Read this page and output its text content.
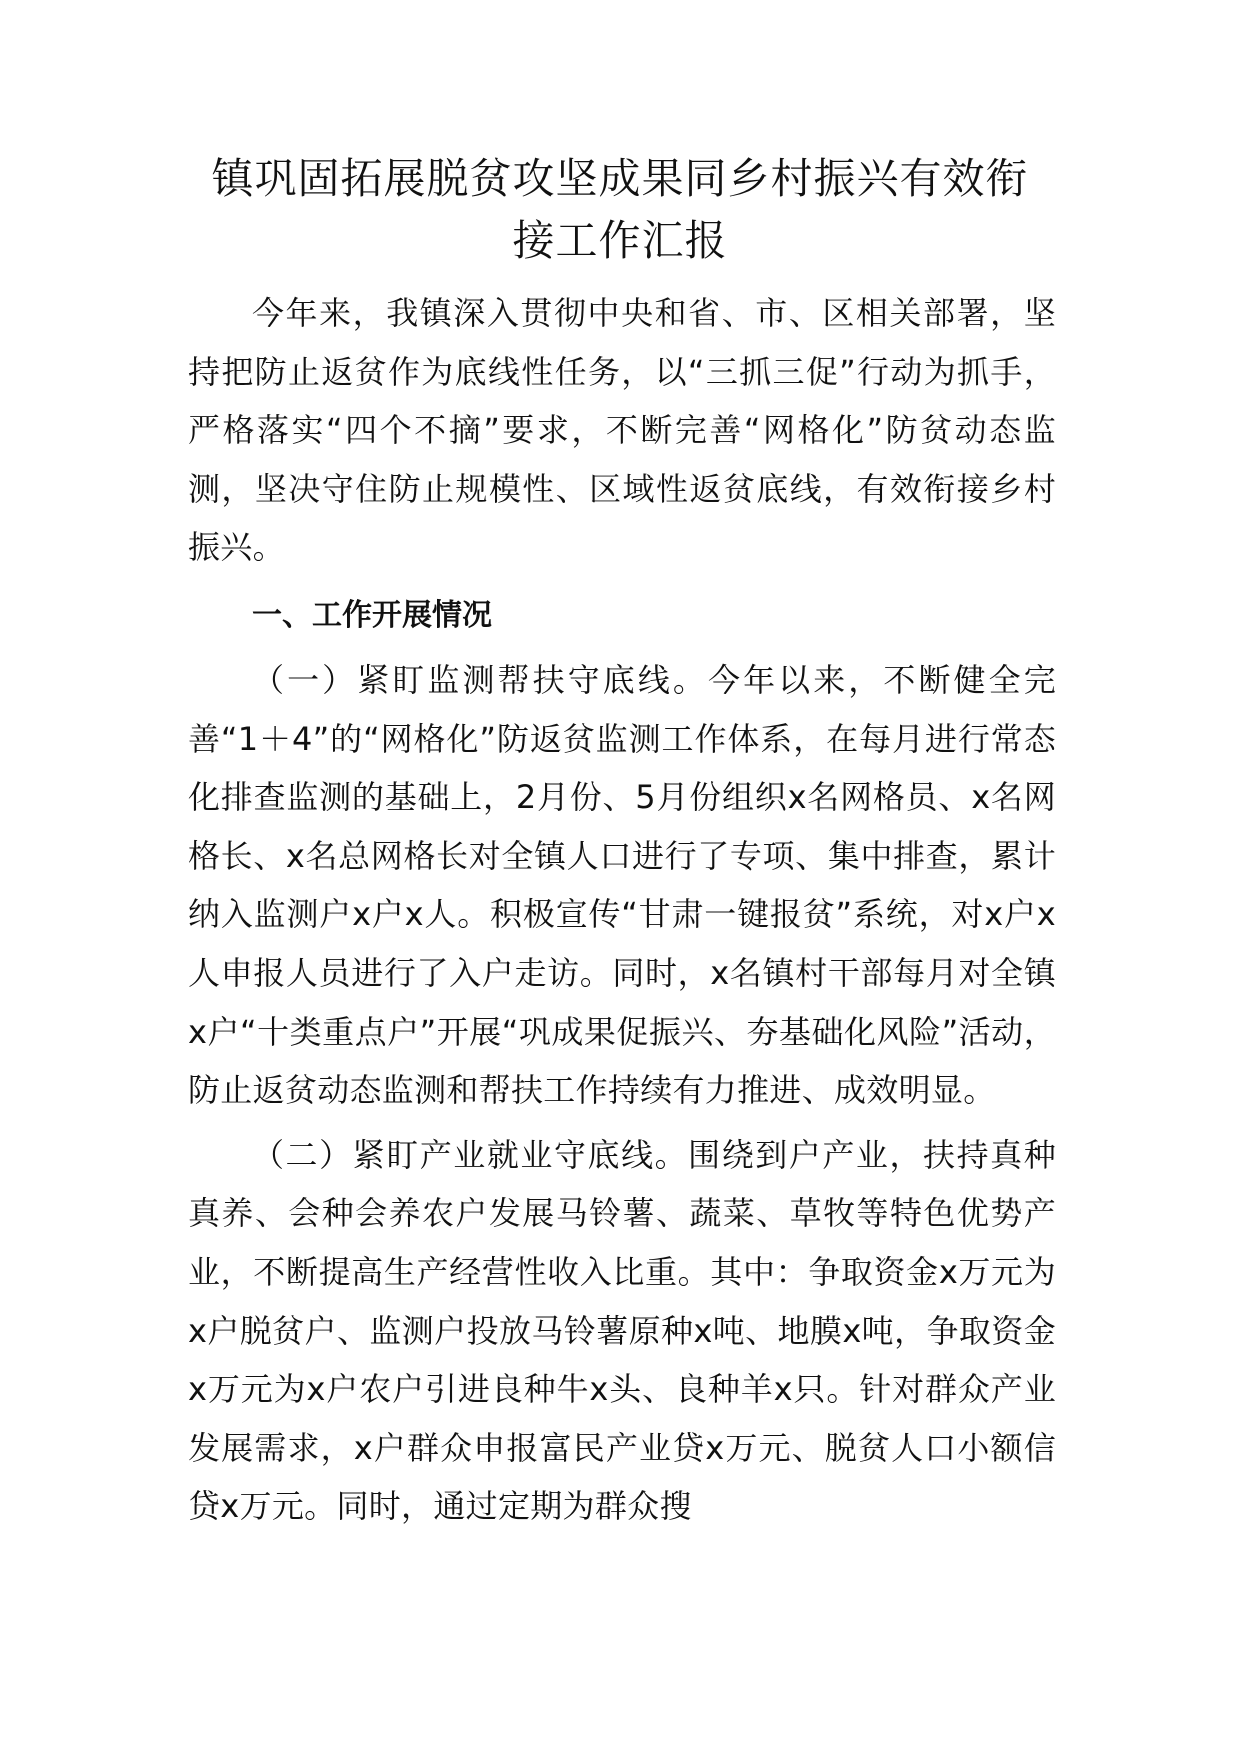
镇巩固拓展脱贫攻坚成果同乡村振兴有效衔
接工作汇报

今年来，我镇深入贯彻中央和省、市、区相关部署，坚持把防止返贫作为底线性任务，以“三抓三促”行动为抓手，严格落实“四个不摘”要求，不断完善“网格化”防贫动态监测，坚决守住防止规模性、区域性返贫底线，有效衔接乡村振兴。

一、工作开展情况

（一）紧盯监测帮扶守底线。今年以来，不断健全完善“1＋4”的“网格化”防返贫监测工作体系，在每月进行常态化排查监测的基础上，2月份、5月份组织x名网格员、x名网格长、x名总网格长对全镇人口进行了专项、集中排查，累计纳入监测户x户x人。积极宣传“甘肃一键报贫”系统，对x户x人申报人员进行了入户走访。同时，x名镇村干部每月对全镇x户“十类重点户”开展“巩成果促振兴、夯基础化风险”活动，防止返贫动态监测和帮扶工作持续有力推进、成效明显。

（二）紧盯产业就业守底线。围绕到户产业，扶持真种真养、会种会养农户发展马铃薯、蔬菜、草牧等特色优势产业，不断提高生产经营性收入比重。其中：争取资金x万元为x户脱贫户、监测户投放马铃薯原种x吨、地膜x吨，争取资金x万元为x户农户引进良种牛x头、良种羊x只。针对群众产业发展需求，x户群众申报富民产业贷x万元、脱贫人口小额信贷x万元。同时，通过定期为群众搜
